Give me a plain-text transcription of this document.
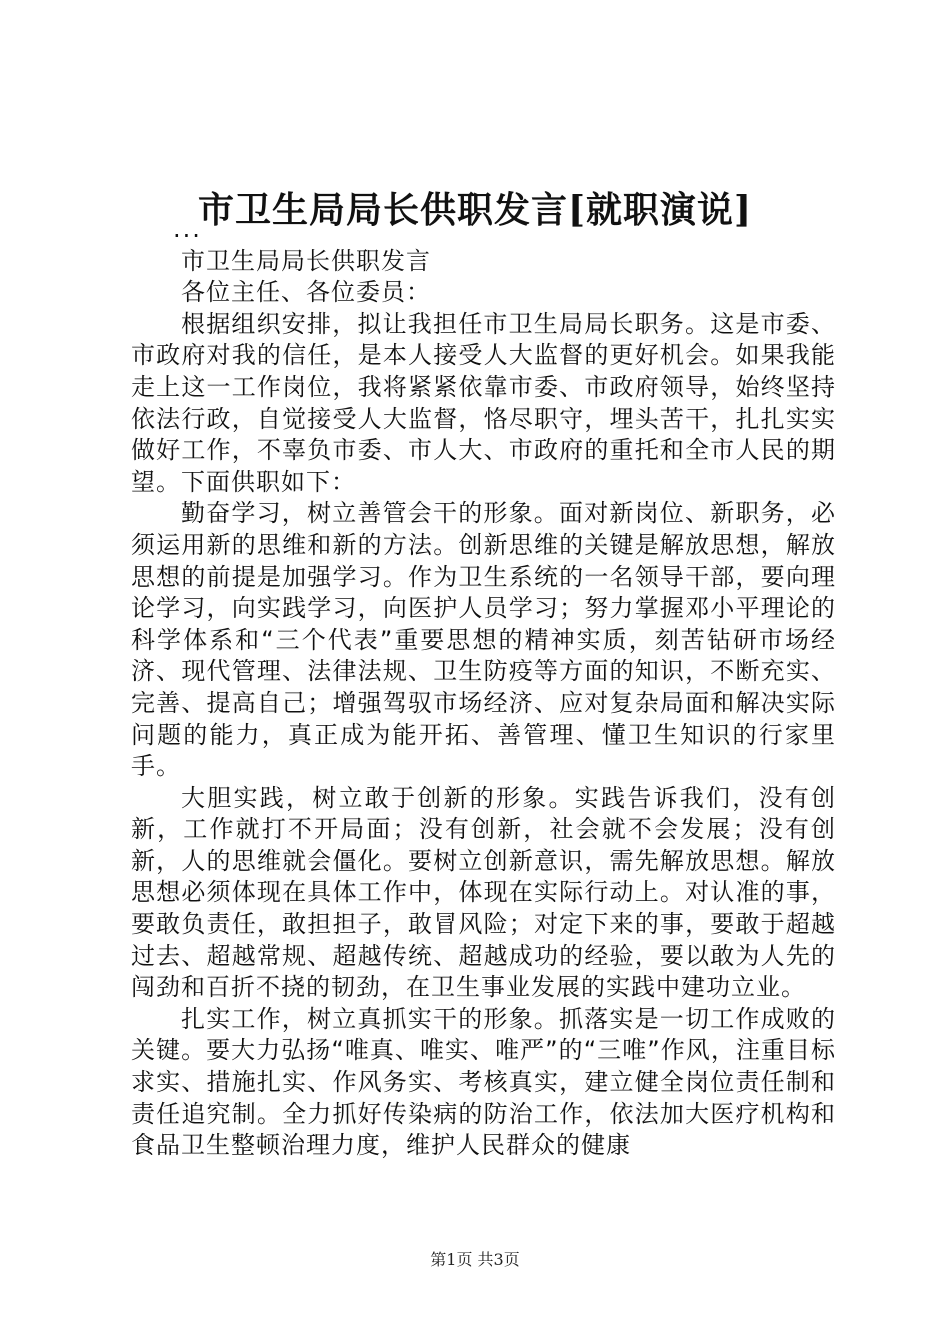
市卫生局局长供职发言[就职演说]

...

市卫生局局长供职发言

各位主任、各位委员：

根据组织安排，拟让我担任市卫生局局长职务。这是市委、市政府对我的信任，是本人接受人大监督的更好机会。如果我能走上这一工作岗位，我将紧紧依靠市委、市政府领导，始终坚持依法行政，自觉接受人大监督，恪尽职守，埋头苦干，扎扎实实做好工作，不辜负市委、市人大、市政府的重托和全市人民的期望。下面供职如下：

勤奋学习，树立善管会干的形象。面对新岗位、新职务，必须运用新的思维和新的方法。创新思维的关键是解放思想，解放思想的前提是加强学习。作为卫生系统的一名领导干部，要向理论学习，向实践学习，向医护人员学习；努力掌握邓小平理论的科学体系和“三个代表”重要思想的精神实质，刻苦钻研市场经济、现代管理、法律法规、卫生防疫等方面的知识，不断充实、完善、提高自己；增强驾驭市场经济、应对复杂局面和解决实际问题的能力，真正成为能开拓、善管理、懂卫生知识的行家里手。

大胆实践，树立敢于创新的形象。实践告诉我们，没有创新，工作就打不开局面；没有创新，社会就不会发展；没有创新，人的思维就会僵化。要树立创新意识，需先解放思想。解放思想必须体现在具体工作中，体现在实际行动上。对认准的事，要敢负责任，敢担担子，敢冒风险；对定下来的事，要敢于超越过去、超越常规、超越传统、超越成功的经验，要以敢为人先的闯劲和百折不挠的韧劲，在卫生事业发展的实践中建功立业。

扎实工作，树立真抓实干的形象。抓落实是一切工作成败的关键。要大力弘扬“唯真、唯实、唯严”的“三唯”作风，注重目标求实、措施扎实、作风务实、考核真实，建立健全岗位责任制和责任追究制。全力抓好传染病的防治工作，依法加大医疗机构和食品卫生整顿治理力度，维护人民群众的健康

第1页 共3页
